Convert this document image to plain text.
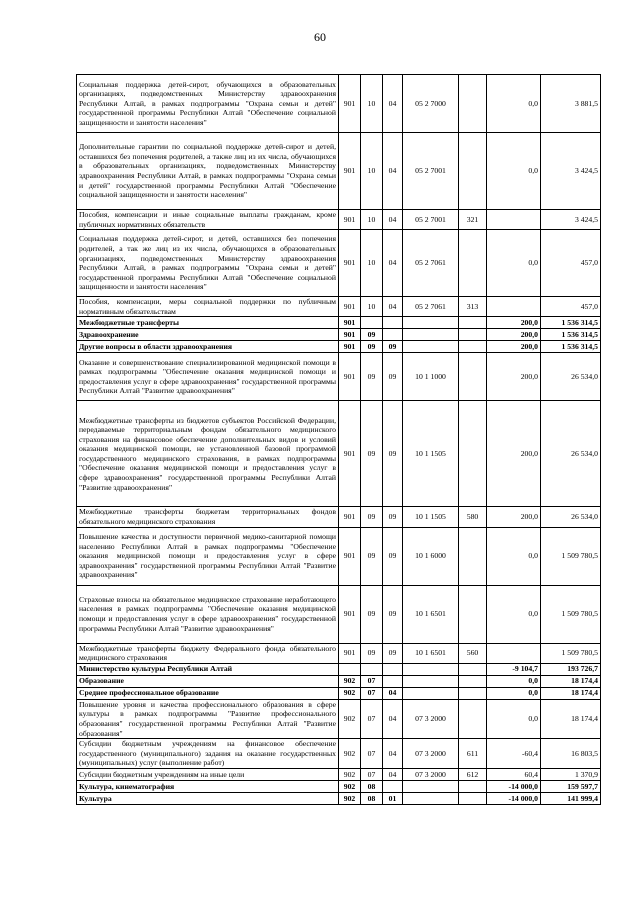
60
Социальная поддержка детей-сирот, обучающихся в образовательных организациях, подведомственных Министерству здравоохранения Республики Алтай, в рамках подпрограммы "Охрана семьи и детей" государственной программы Республики Алтай "Обеспечение социальной защищенности и занятости населения"	901	10	04	05 2 7000		0,0	3 881,5
Дополнительные гарантии по социальной поддержке детей-сирот и детей, оставшихся без попечения родителей, а также лиц из их числа, обучающихся в образовательных организациях, подведомственных Министерству здравоохранения Республики Алтай, в рамках подпрограммы "Охрана семьи и детей" государственной программы Республики Алтай "Обеспечение социальной защищенности и занятости населения"	901	10	04	05 2 7001		0,0	3 424,5
Пособия, компенсации и иные социальные выплаты гражданам, кроме публичных нормативных обязательств	901	10	04	05 2 7001	321		3 424,5
Социальная поддержка детей-сирот, и детей, оставшихся без попечения родителей, а так же лиц из их числа, обучающихся в образовательных организациях, подведомственных Министерству здравоохранения Республики Алтай, в рамках подпрограммы "Охрана семьи и детей" государственной программы Республики Алтай "Обеспечение социальной защищенности и занятости населения"	901	10	04	05 2 7061		0,0	457,0
Пособия, компенсации, меры социальной поддержки по публичным нормативным обязательствам	901	10	04	05 2 7061	313		457,0
Межбюджетные трансферты	901					200,0	1 536 314,5
Здравоохранение	901	09				200,0	1 536 314,5
Другие вопросы в области здравоохранения	901	09	09			200,0	1 536 314,5
Оказание и совершенствование специализированной медицинской помощи в рамках подпрограммы "Обеспечение оказания медицинской помощи и предоставления услуг в сфере здравоохранения" государственной программы Республики Алтай "Развитие здравоохранения"	901	09	09	10 1 1000		200,0	26 534,0
Межбюджетные трансферты из бюджетов субъектов Российской Федерации, передаваемые территориальным фондам обязательного медицинского страхования на финансовое обеспечение дополнительных видов и условий оказания медицинской помощи, не установленной базовой программой государственного медицинского страхования, в рамках подпрограммы "Обеспечение оказания медицинской помощи и предоставления услуг в сфере здравоохранения" государственной программы Республики Алтай "Развитие здравоохранения"	901	09	09	10 1 1505		200,0	26 534,0
Межбюджетные трансферты бюджетам территориальных фондов обязательного медицинского страхования	901	09	09	10 1 1505	580	200,0	26 534,0
Повышение качества и доступности первичной медико-санитарной помощи населению Республики Алтай в рамках подпрограммы "Обеспечение оказания медицинской помощи и предоставления услуг в сфере здравоохранения" государственной программы Республики Алтай "Развитие здравоохранения"	901	09	09	10 1 6000		0,0	1 509 780,5
Страховые взносы на обязательное медицинское страхование неработающего населения в рамках подпрограммы "Обеспечение оказания медицинской помощи и предоставления услуг в сфере здравоохранения" государственной программы Республики Алтай "Развитие здравоохранения"	901	09	09	10 1 6501		0,0	1 509 780,5
Межбюджетные трансферты бюджету Федерального фонда обязательного медицинского страхования	901	09	09	10 1 6501	560		1 509 780,5
Министерство культуры Республики Алтай						-9 104,7	193 726,7
Образование	902	07				0,0	18 174,4
Среднее профессиональное образование	902	07	04			0,0	18 174,4
Повышение уровня и качества профессионального образования в сфере культуры в рамках подпрограммы "Развитие профессионального образования" государственной программы Республики Алтай "Развитие образования"	902	07	04	07 3 2000		0,0	18 174,4
Субсидии бюджетным учреждениям на финансовое обеспечение государственного (муниципального) задания на оказание государственных (муниципальных) услуг (выполнение работ)	902	07	04	07 3 2000	611	-60,4	16 803,5
Субсидии бюджетным учреждениям на иные цели	902	07	04	07 3 2000	612	60,4	1 370,9
Культура, кинематография	902	08				-14 000,0	159 597,7
Культура	902	08	01			-14 000,0	141 999,4
